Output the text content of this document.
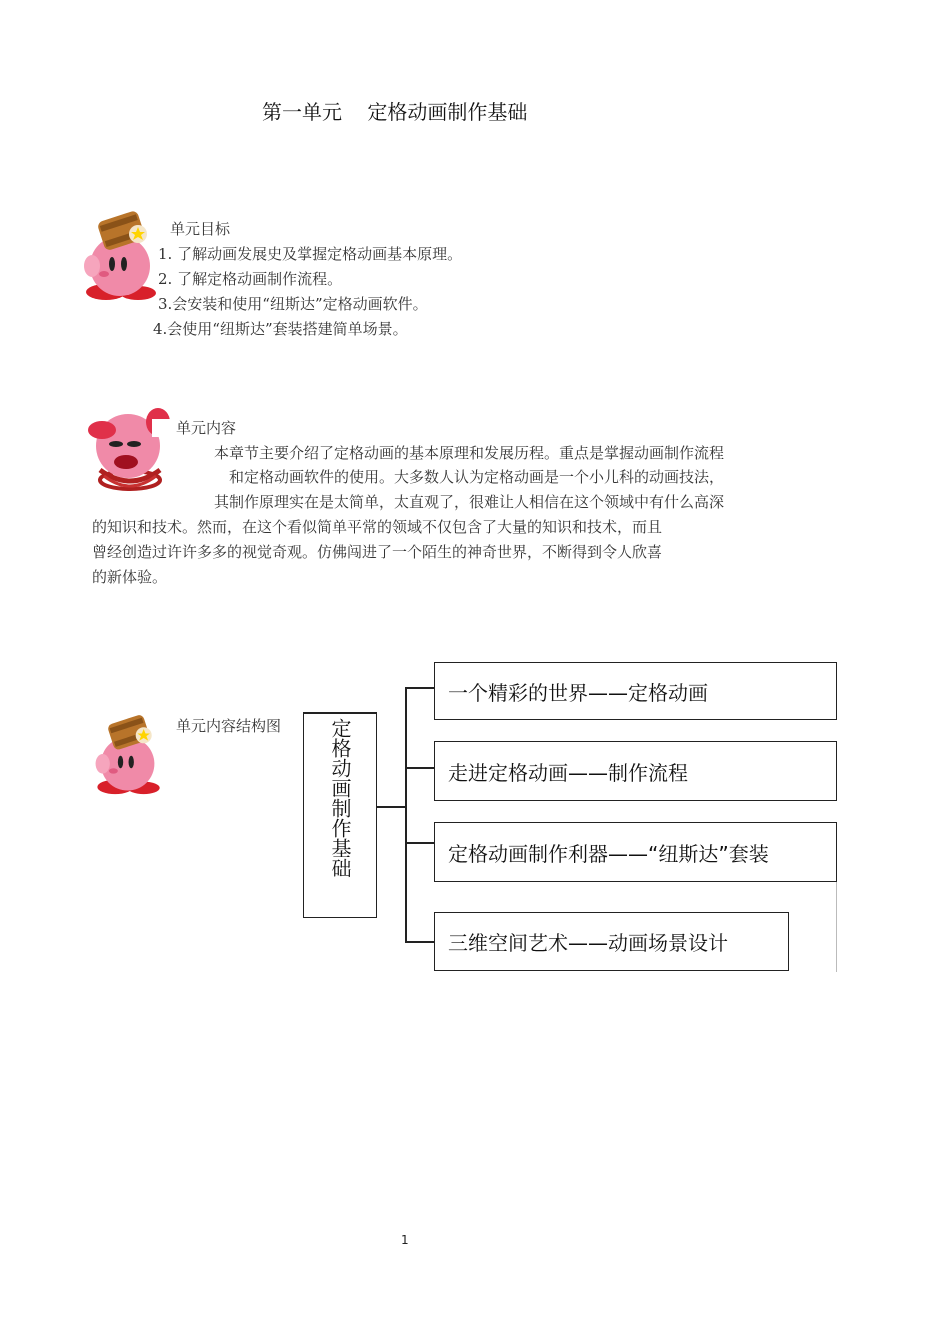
第一单元    定格动画制作基础
单元目标
1. 了解动画发展史及掌握定格动画基本原理。
2. 了解定格动画制作流程。
3.会安装和使用“纽斯达”定格动画软件。
4.会使用“纽斯达”套装搭建简单场景。
单元内容
本章节主要介绍了定格动画的基本原理和发展历程。重点是掌握动画制作流程
和定格动画软件的使用。大多数人认为定格动画是一个小儿科的动画技法，
其制作原理实在是太简单，太直观了，很难让人相信在这个领域中有什么高深
的知识和技术。然而，在这个看似简单平常的领域不仅包含了大量的知识和技术，而且
曾经创造过许许多多的视觉奇观。仿佛闯进了一个陌生的神奇世界，不断得到令人欣喜
的新体验。
单元内容结构图 定格动画制作基础
一个精彩的世界——定格动画
走进定格动画——制作流程
定格动画制作利器——“纽斯达”套装
三维空间艺术——动画场景设计
1
